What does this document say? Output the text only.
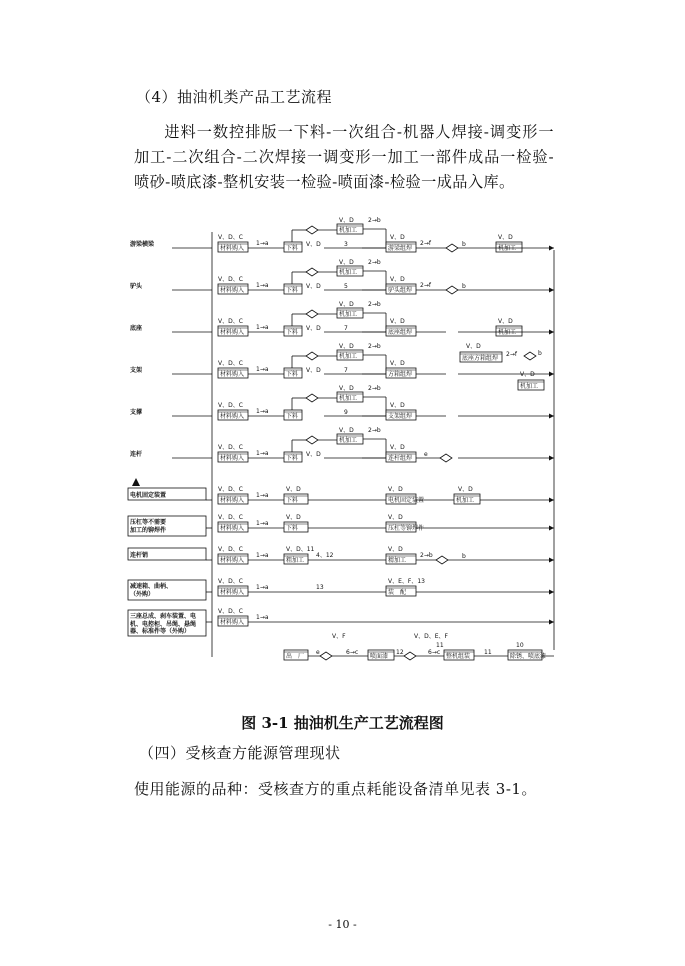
（4）抽油机类产品工艺流程
进料一数控排版一下料-一次组合-机器人焊接-调变形一加工-二次组合-二次焊接一调变形一加工一部件成品一检验-喷砂-喷底漆-整机安装一检验-喷面漆-检验一成品入库。
游梁横梁
V、D、C
材料购入
1→a
下料
V、D
V、D
机加工
2→b
3
V、D
游梁组焊
2→f	b
V、D
机加工
驴头
V、D、C
材料购入
1→a
下料
V、D
V、D
机加工
2→b
5
V、D
驴头组焊
2→f	b
底座
V、D、C
材料购入
1→a
下料
V、D
V、D
机加工
2→b
7
V、D
底座组焊
V、D
机加工
支架
V、D、C
材料购入
1→a
下料
V、D
V、D
机加工
2→b
7
V、D
方箱组焊
支撑
V、D、C
材料购入
1→a
下料
V、D
机加工
2→b
9
V、D
支架组焊
连杆
V、D、C
材料购入
1→a
下料
V、D
V、D
机加工
2→b
V、D
连杆组焊
e
V、D
底座方箱组焊
2→f	b
V、D
机加工
电机固定装置
V、D、C
材料购入
1→a
下料
V、D
电机固定装置
V、D	V、D
机加工
压杠等不需要
加工的铆焊件
V、D、C
材料购入
1→a
下料
V、D
压杠等铆焊件
V、D
连杆销
V、D、C
材料购入
1→a
粗加工
V、D、11
4、12
精加工
V、D
2→b	b
减速箱、曲柄、
（外购）
V、D、C
材料购入
1→a	13
装　配
V、E、F、13
三座总成、刹车装置、电
机、电控柜、吊绳、悬绳
器、标准件等（外购）
V、D、C
材料购入
1→a
出　厂
e
V、F
6→c
喷面漆
12
V、D、E、F
6→c
11
整机组装
11
10
除锈、喷底漆
图 3-1 抽油机生产工艺流程图
（四）受核查方能源管理现状
使用能源的品种：受核查方的重点耗能设备清单见表 3-1。
- 10 -
